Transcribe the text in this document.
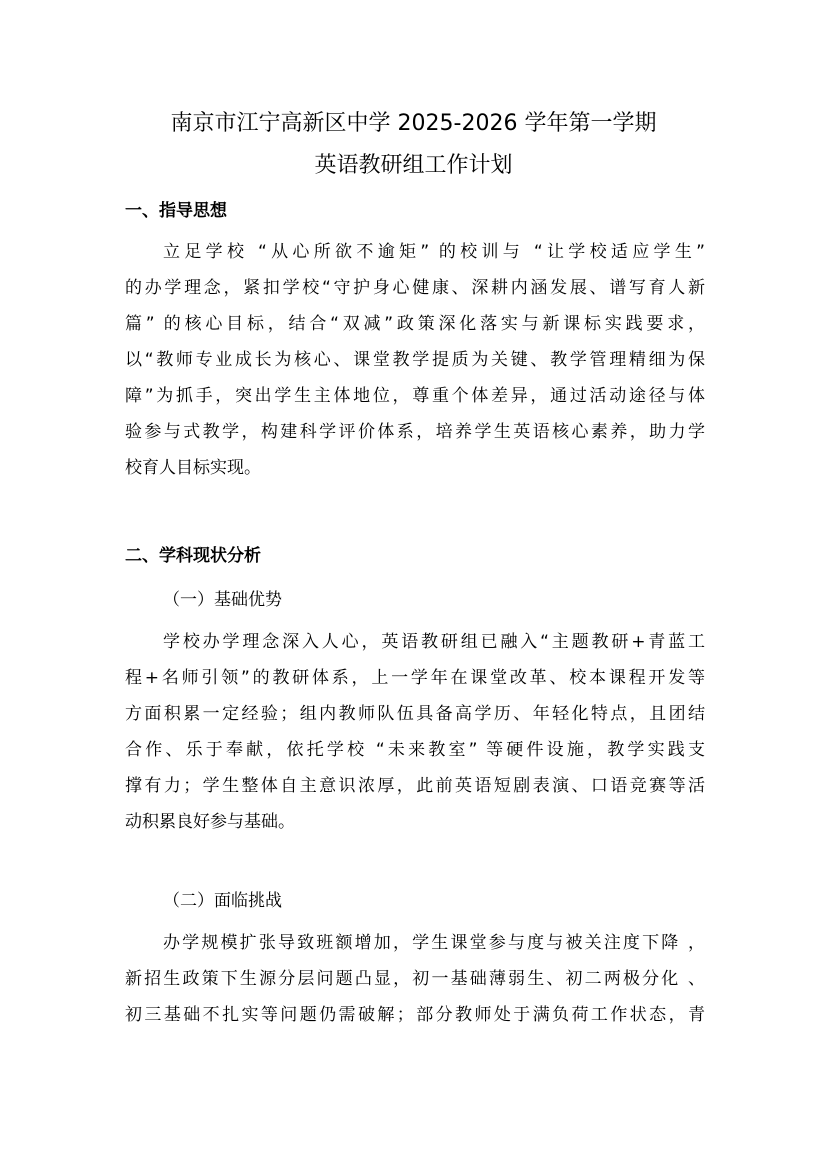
南京市江宁高新区中学 2025-2026 学年第一学期
英语教研组工作计划
一、指导思想
立足学校 “从心所欲不逾矩” 的校训与 “让学校适应学生”
的办学理念，紧扣学校“守护身心健康、深耕内涵发展、谱写育人新
篇” 的核心目标，结合“双减”政策深化落实与新课标实践要求，
以“教师专业成长为核心、课堂教学提质为关键、教学管理精细为保
障”为抓手，突出学生主体地位，尊重个体差异，通过活动途径与体
验参与式教学，构建科学评价体系，培养学生英语核心素养，助力学
校育人目标实现。
二、学科现状分析
（一）基础优势
学校办学理念深入人心，英语教研组已融入“主题教研+青蓝工
程+名师引领”的教研体系，上一学年在课堂改革、校本课程开发等
方面积累一定经验；组内教师队伍具备高学历、年轻化特点，且团结
合作、乐于奉献，依托学校 “未来教室” 等硬件设施，教学实践支
撑有力；学生整体自主意识浓厚，此前英语短剧表演、口语竞赛等活
动积累良好参与基础。
（二）面临挑战
办学规模扩张导致班额增加，学生课堂参与度与被关注度下降 ，
新招生政策下生源分层问题凸显，初一基础薄弱生、初二两极分化 、
初三基础不扎实等问题仍需破解；部分教师处于满负荷工作状态，青
